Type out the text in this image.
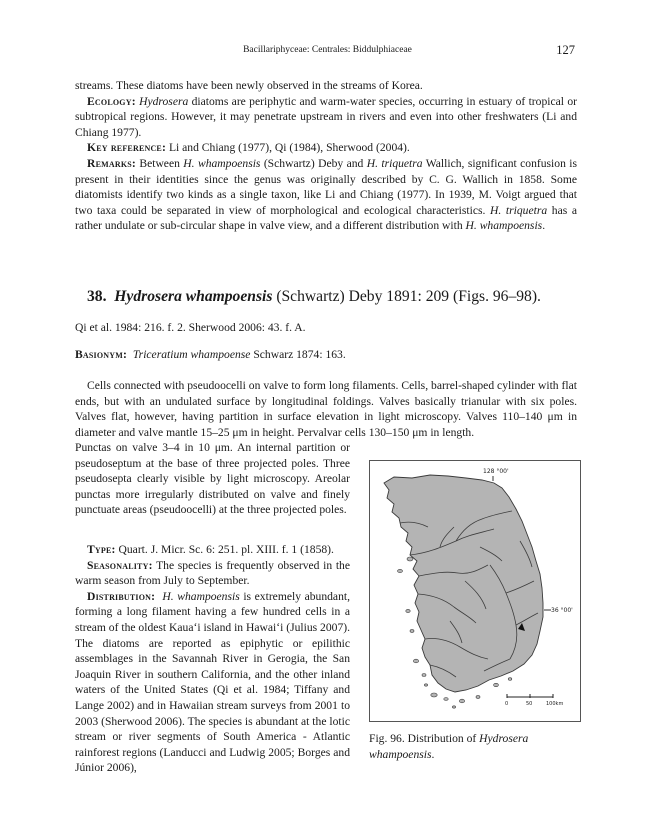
Bacillariphyceae: Centrales: Biddulphiaceae	127

streams. These diatoms have been newly observed in the streams of Korea.

Ecology: Hydrosera diatoms are periphytic and warm-water species, occurring in estuary of tropical or subtropical regions. However, it may penetrate upstream in rivers and even into other freshwaters (Li and Chiang 1977).

Key reference: Li and Chiang (1977), Qi (1984), Sherwood (2004).

Remarks: Between H. whampoensis (Schwartz) Deby and H. triquetra Wallich, significant confusion is present in their identities since the genus was originally described by C. G. Wallich in 1858. Some diatomists identify two kinds as a single taxon, like Li and Chiang (1977). In 1939, M. Voigt argued that two taxa could be separated in view of morphological and ecological characteristics. H. triquetra has a rather undulate or sub-circular shape in valve view, and a different distribution with H. whampoensis.

38. Hydrosera whampoensis (Schwartz) Deby 1891: 209 (Figs. 96–98).

Qi et al. 1984: 216. f. 2. Sherwood 2006: 43. f. A.

Basionym: Triceratium whampoense Schwarz 1874: 163.

Cells connected with pseudoocelli on valve to form long filaments. Cells, barrel-shaped cylinder with flat ends, but with an undulated surface by longitudinal foldings. Valves basically trianular with six poles. Valves flat, however, having partition in surface elevation in light microscopy. Valves 110–140 μm in diameter and valve mantle 15–25 μm in height. Pervalvar cells 130–150 μm in length.

Punctas on valve 3–4 in 10 μm. An internal partition or pseudoseptum at the base of three projected poles. Three pseudosepta clearly visible by light microscopy. Areolar punctas more irregularly distributed on valve and finely punctuate areas (pseudoocelli) at the three projected poles.

Type: Quart. J. Micr. Sc. 6: 251. pl. XIII. f. 1 (1858).

Seasonality: The species is frequently observed in the warm season from July to September.

Distribution: H. whampoensis is extremely abundant, forming a long filament having a few hundred cells in a stream of the oldest Kaua‘i island in Hawai‘i (Julius 2007). The diatoms are reported as epiphytic or epilithic assemblages in the Savannah River in Gerogia, the San Joaquin River in southern California, and the other inland waters of the United States (Qi et al. 1984; Tiffany and Lange 2002) and in Hawaiian stream surveys from 2001 to 2003 (Sherwood 2006). The species is abundant at the lotic stream or river segments of South America - Atlantic rainforest regions (Landucci and Ludwig 2005; Borges and Júnior 2006),

128 °00'
36 °00'
0	50	100km
Fig. 96. Distribution of Hydrosera whampoensis.
